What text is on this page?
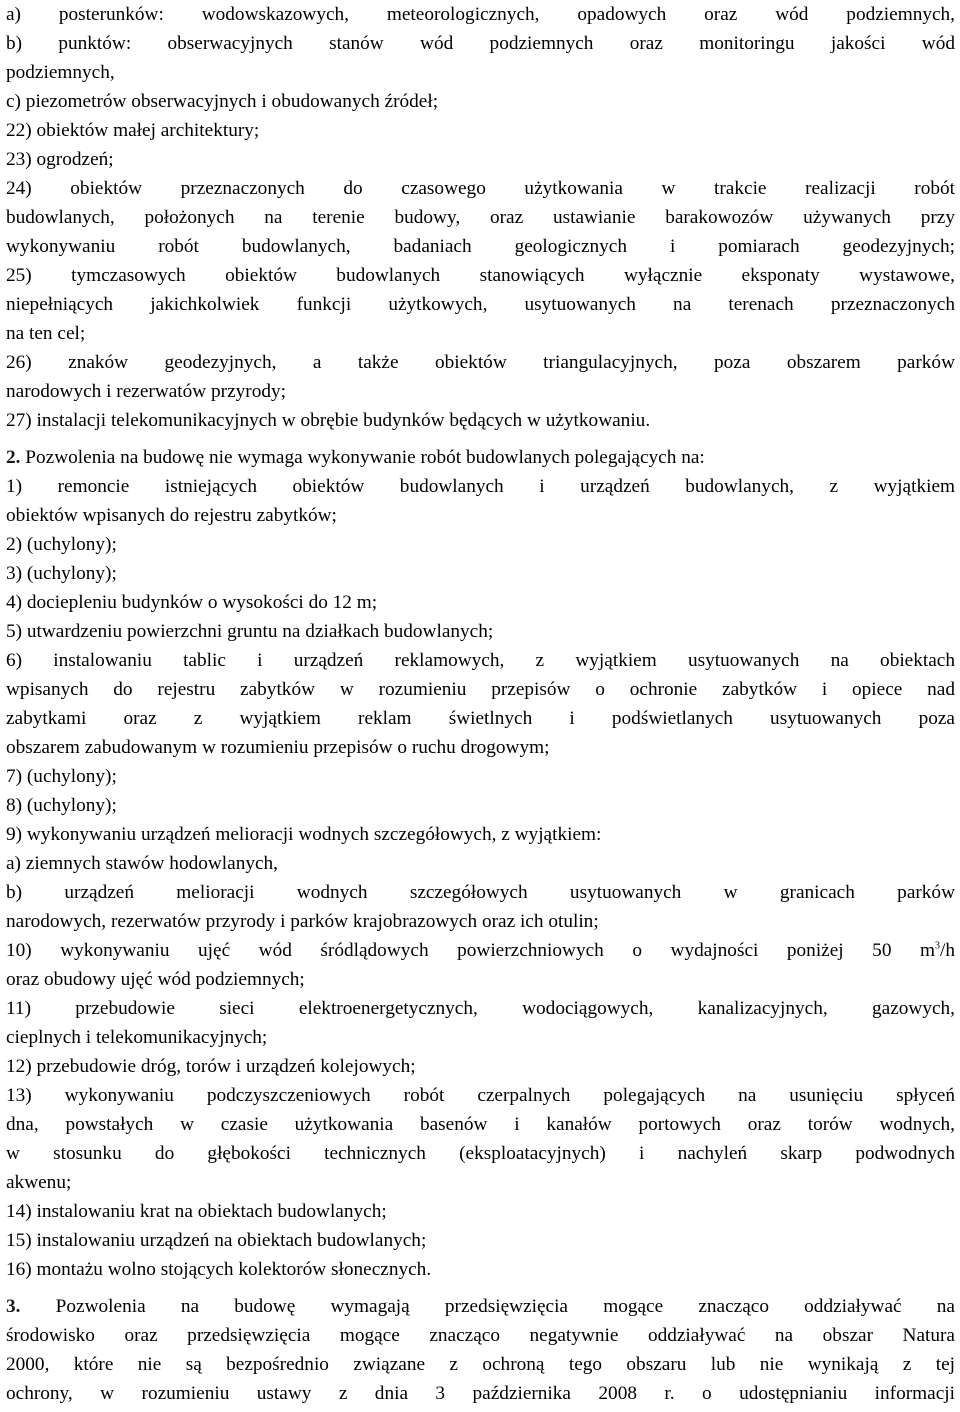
a) posterunków: wodowskazowych, meteorologicznych, opadowych oraz wód podziemnych,
b) punktów: obserwacyjnych stanów wód podziemnych oraz monitoringu jakości wód
podziemnych,
c) piezometrów obserwacyjnych i obudowanych źródeł;
22) obiektów małej architektury;
23) ogrodzeń;
24) obiektów przeznaczonych do czasowego użytkowania w trakcie realizacji robót
budowlanych, położonych na terenie budowy, oraz ustawianie barakowozów używanych przy
wykonywaniu robót budowlanych, badaniach geologicznych i pomiarach geodezyjnych;
25) tymczasowych obiektów budowlanych stanowiących wyłącznie eksponaty wystawowe,
niepełniących jakichkolwiek funkcji użytkowych, usytuowanych na terenach przeznaczonych
na ten cel;
26) znaków geodezyjnych, a także obiektów triangulacyjnych, poza obszarem parków
narodowych i rezerwatów przyrody;
27) instalacji telekomunikacyjnych w obrębie budynków będących w użytkowaniu.
2. Pozwolenia na budowę nie wymaga wykonywanie robót budowlanych polegających na:
1) remoncie istniejących obiektów budowlanych i urządzeń budowlanych, z wyjątkiem
obiektów wpisanych do rejestru zabytków;
2) (uchylony);
3) (uchylony);
4) dociepleniu budynków o wysokości do 12 m;
5) utwardzeniu powierzchni gruntu na działkach budowlanych;
6) instalowaniu tablic i urządzeń reklamowych, z wyjątkiem usytuowanych na obiektach
wpisanych do rejestru zabytków w rozumieniu przepisów o ochronie zabytków i opiece nad
zabytkami oraz z wyjątkiem reklam świetlnych i podświetlanych usytuowanych poza
obszarem zabudowanym w rozumieniu przepisów o ruchu drogowym;
7) (uchylony);
8) (uchylony);
9) wykonywaniu urządzeń melioracji wodnych szczegółowych, z wyjątkiem:
a) ziemnych stawów hodowlanych,
b) urządzeń melioracji wodnych szczegółowych usytuowanych w granicach parków
narodowych, rezerwatów przyrody i parków krajobrazowych oraz ich otulin;
10) wykonywaniu ujęć wód śródlądowych powierzchniowych o wydajności poniżej 50 $m^3/h$
oraz obudowy ujęć wód podziemnych;
11) przebudowie sieci elektroenergetycznych, wodociągowych, kanalizacyjnych, gazowych,
cieplnych i telekomunikacyjnych;
12) przebudowie dróg, torów i urządzeń kolejowych;
13) wykonywaniu podczyszczeniowych robót czerpalnych polegających na usunięciu spłyceń
dna, powstałych w czasie użytkowania basenów i kanałów portowych oraz torów wodnych,
w stosunku do głębokości technicznych (eksploatacyjnych) i nachyleń skarp podwodnych
akwenu;
14) instalowaniu krat na obiektach budowlanych;
15) instalowaniu urządzeń na obiektach budowlanych;
16) montażu wolno stojących kolektorów słonecznych.
3. Pozwolenia na budowę wymagają przedsięwzięcia mogące znacząco oddziaływać na
środowisko oraz przedsięwzięcia mogące znacząco negatywnie oddziaływać na obszar Natura
2000, które nie są bezpośrednio związane z ochroną tego obszaru lub nie wynikają z tej
ochrony, w rozumieniu ustawy z dnia 3 października 2008 r. o udostępnianiu informacji
